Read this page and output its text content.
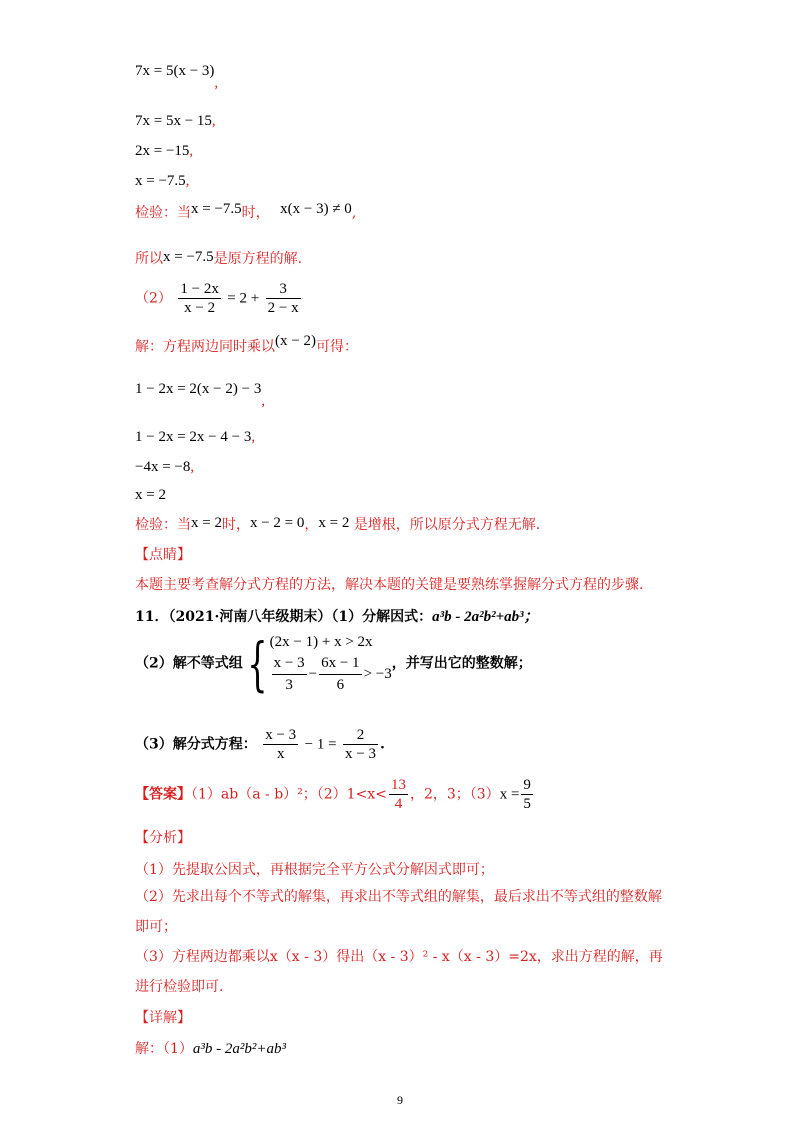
7x = 5(x − 3),
7x = 5x − 15,
2x = −15,
x = −7.5,
检验：当x = −7.5时， x(x − 3) ≠ 0,
所以x = −7.5是原方程的解.
$(2) \frac{1 - 2x}{x - 2} = 2 + \frac{3}{2 - x}$
解：方程两边同时乘以(x − 2)可得：
1 − 2x = 2(x − 2) − 3,
1 − 2x = 2x − 4 − 3,
−4x = −8,
x = 2
检验：当x = 2时，x − 2 = 0，x = 2 是增根，所以原分式方程无解.
【点睛】
本题主要考查解分式方程的方法，解决本题的关键是要熟练掌握解分式方程的步骤.
11．（2021·河南八年级期末）（1）分解因式：a³b - 2a²b²+ab³；
（2）解不等式组{ (2x − 1) + x > 2x
$\frac{x - 3}{3} - \frac{6x - 1}{6} > -3$
，并写出它的整数解；
（3）解分式方程： $\frac{x - 3}{x} - 1 = \frac{2}{x - 3}$ .
【答案】（1）ab（a - b）²；$(2)1<x< \frac{13}{4}$ ，2，3；$(3)x = \frac{9}{5}$
【分析】
（1）先提取公因式，再根据完全平方公式分解因式即可；
（2）先求出每个不等式的解集，再求出不等式组的解集，最后求出不等式组的整数解即可；
（3）方程两边都乘以x（x - 3）得出（x - 3）² - x（x - 3）=2x，求出方程的解，再进行检验即可.
【详解】
解：（1）a³b - 2a²b²+ab³
9
